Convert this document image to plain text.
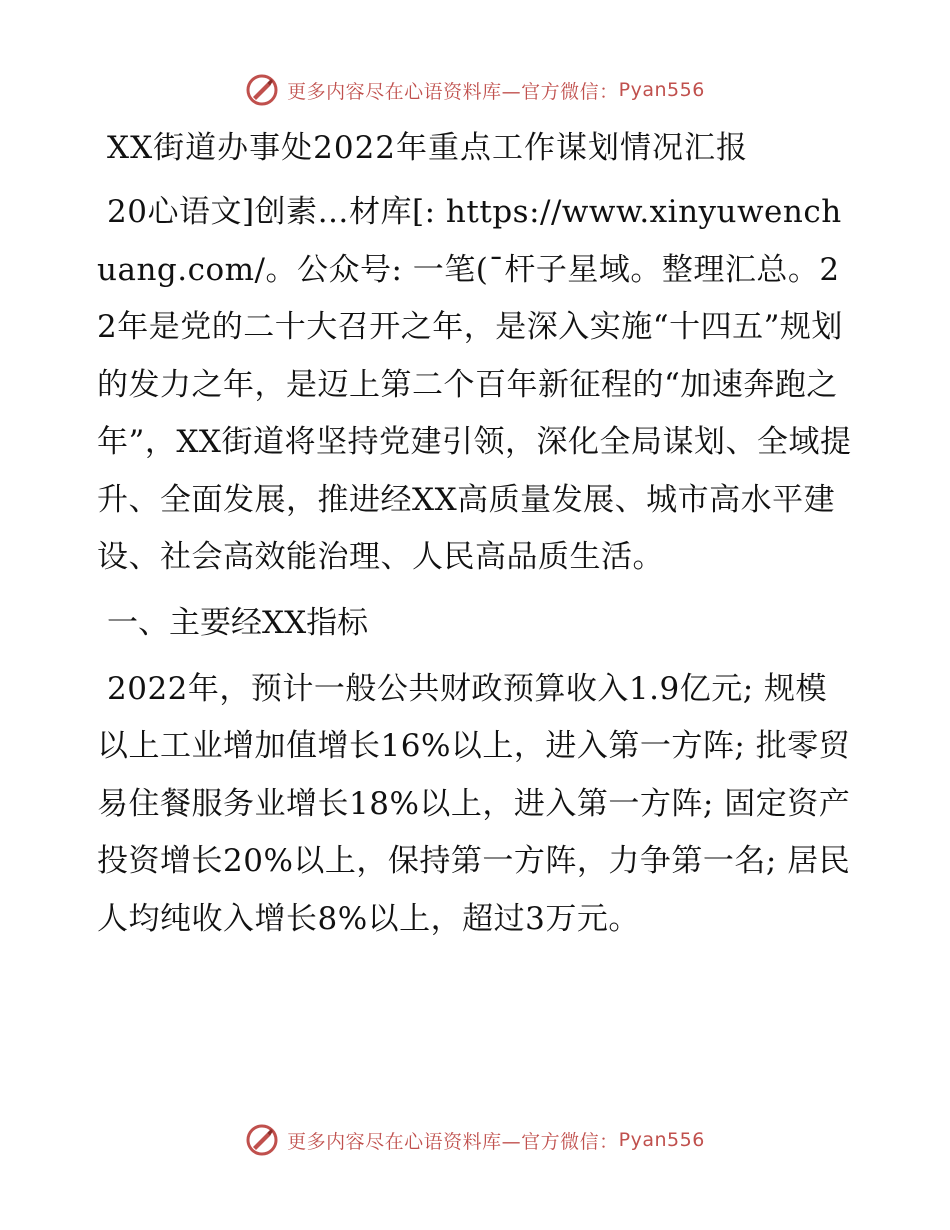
更多内容尽在心语资料库—官方微信： Pyan556
XX街道办事处2022年重点工作谋划情况汇报
20心语文]创素…材库[: https://www.xinyuwenchuang.com/。公众号: 一笔(¯杆子星域。整理汇总。22年是党的二十大召开之年，是深入实施“十四五”规划的发力之年，是迈上第二个百年新征程的“加速奔跑之年”，XX街道将坚持党建引领，深化全局谋划、全域提升、全面发展，推进经XX高质量发展、城市高水平建设、社会高效能治理、人民高品质生活。
一、主要经XX指标
2022年，预计一般公共财政预算收入1.9亿元; 规模以上工业增加值增长16%以上，进入第一方阵; 批零贸易住餐服务业增长18%以上，进入第一方阵; 固定资产投资增长20%以上，保持第一方阵，力争第一名; 居民人均纯收入增长8%以上，超过3万元。
更多内容尽在心语资料库—官方微信： Pyan556
